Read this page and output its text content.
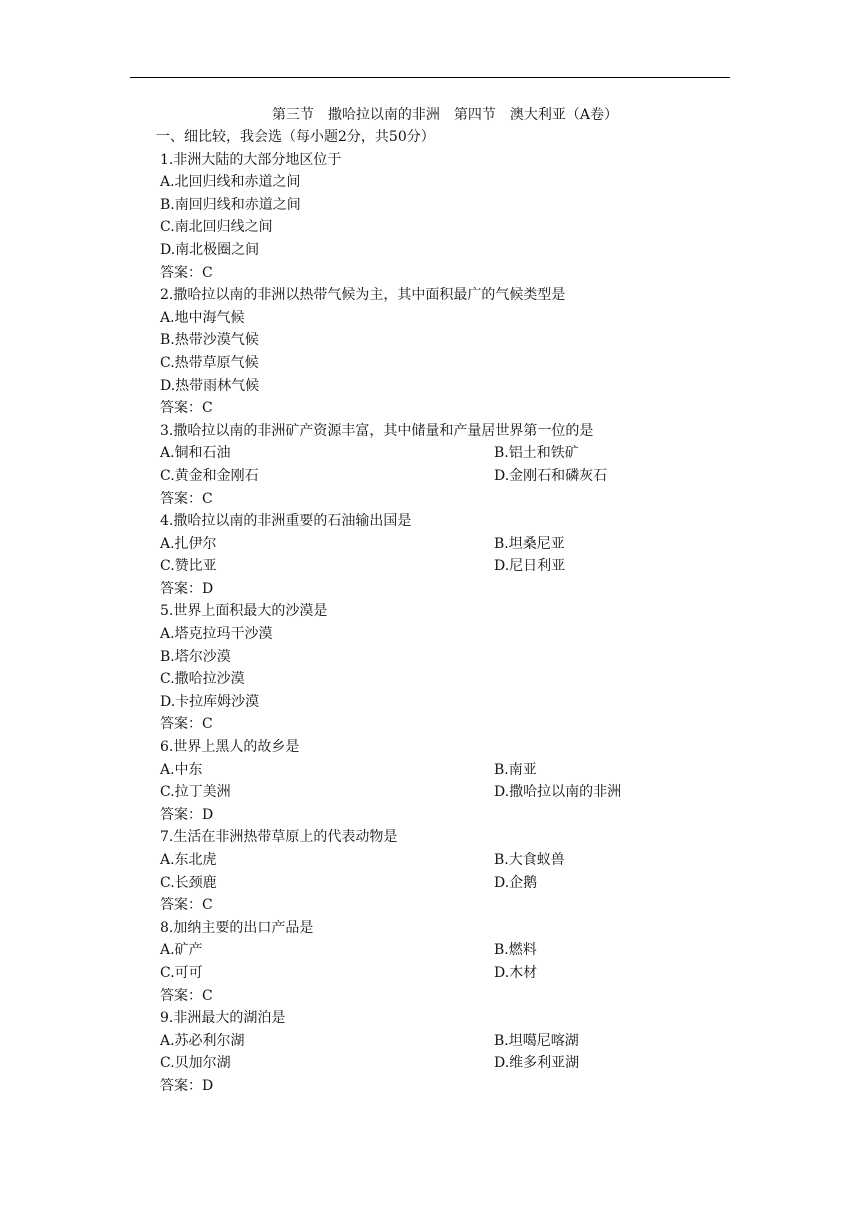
第三节　撒哈拉以南的非洲　第四节　澳大利亚（A卷）
一、细比较，我会选（每小题2分，共50分）
1.非洲大陆的大部分地区位于
A.北回归线和赤道之间
B.南回归线和赤道之间
C.南北回归线之间
D.南北极圈之间
答案：C
2.撒哈拉以南的非洲以热带气候为主，其中面积最广的气候类型是
A.地中海气候
B.热带沙漠气候
C.热带草原气候
D.热带雨林气候
答案：C
3.撒哈拉以南的非洲矿产资源丰富，其中储量和产量居世界第一位的是
A.铜和石油	B.铝土和铁矿
C.黄金和金刚石	D.金刚石和磷灰石
答案：C
4.撒哈拉以南的非洲重要的石油输出国是
A.扎伊尔	B.坦桑尼亚
C.赞比亚	D.尼日利亚
答案：D
5.世界上面积最大的沙漠是
A.塔克拉玛干沙漠
B.塔尔沙漠
C.撒哈拉沙漠
D.卡拉库姆沙漠
答案：C
6.世界上黑人的故乡是
A.中东	B.南亚
C.拉丁美洲	D.撒哈拉以南的非洲
答案：D
7.生活在非洲热带草原上的代表动物是
A.东北虎	B.大食蚁兽
C.长颈鹿	D.企鹅
答案：C
8.加纳主要的出口产品是
A.矿产	B.燃料
C.可可	D.木材
答案：C
9.非洲最大的湖泊是
A.苏必利尔湖	B.坦噶尼喀湖
C.贝加尔湖	D.维多利亚湖
答案：D
